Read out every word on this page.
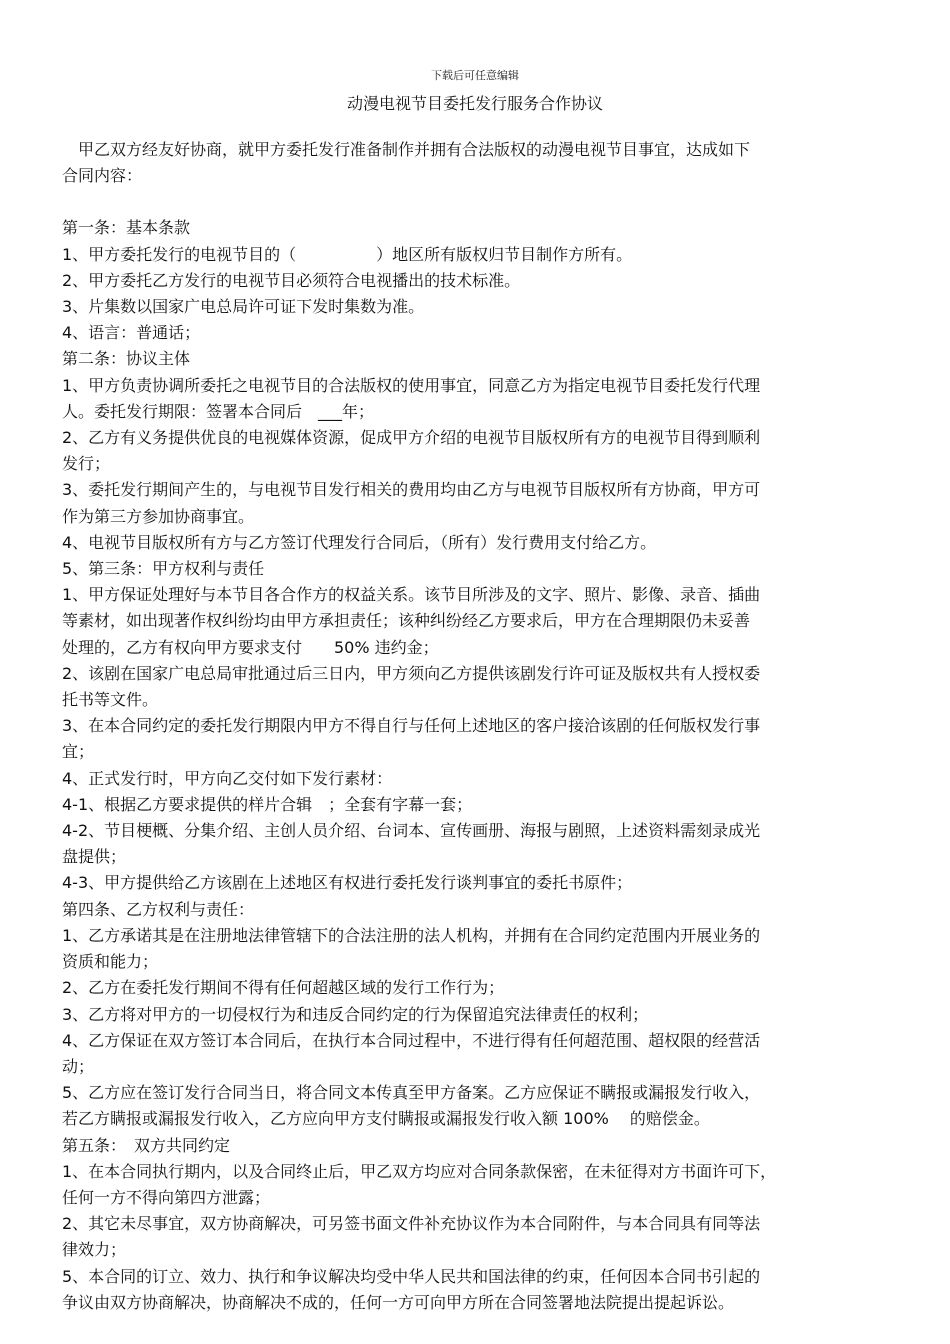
下载后可任意编辑
动漫电视节目委托发行服务合作协议

　甲乙双方经友好协商，就甲方委托发行准备制作并拥有合法版权的动漫电视节目事宜，达成如下

合同内容：

第一条：基本条款

1、甲方委托发行的电视节目的（　　　　　）地区所有版权归节目制作方所有。

2、甲方委托乙方发行的电视节目必须符合电视播出的技术标准。

3、片集数以国家广电总局许可证下发时集数为准。

4、语言：普通话；

第二条：协议主体

1、甲方负责协调所委托之电视节目的合法版权的使用事宜，同意乙方为指定电视节目委托发行代理

人。委托发行期限：签署本合同后　___年；

2、乙方有义务提供优良的电视媒体资源，促成甲方介绍的电视节目版权所有方的电视节目得到顺利

发行；

3、委托发行期间产生的，与电视节目发行相关的费用均由乙方与电视节目版权所有方协商，甲方可

作为第三方参加协商事宜。

4、电视节目版权所有方与乙方签订代理发行合同后，（所有）发行费用支付给乙方。

5、第三条：甲方权利与责任

1、甲方保证处理好与本节目各合作方的权益关系。该节目所涉及的文字、照片、影像、录音、插曲

等素材，如出现著作权纠纷均由甲方承担责任；该种纠纷经乙方要求后，甲方在合理期限仍未妥善

处理的，乙方有权向甲方要求支付　　50% 违约金；

2、该剧在国家广电总局审批通过后三日内，甲方须向乙方提供该剧发行许可证及版权共有人授权委

托书等文件。

3、在本合同约定的委托发行期限内甲方不得自行与任何上述地区的客户接洽该剧的任何版权发行事

宜；

4、正式发行时，甲方向乙交付如下发行素材：

4-1、根据乙方要求提供的样片合辑　；全套有字幕一套；

4-2、节目梗概、分集介绍、主创人员介绍、台词本、宣传画册、海报与剧照，上述资料需刻录成光

盘提供；

4-3、甲方提供给乙方该剧在上述地区有权进行委托发行谈判事宜的委托书原件；

第四条、乙方权利与责任：

1、乙方承诺其是在注册地法律管辖下的合法注册的法人机构，并拥有在合同约定范围内开展业务的

资质和能力；

2、乙方在委托发行期间不得有任何超越区域的发行工作行为；

3、乙方将对甲方的一切侵权行为和违反合同约定的行为保留追究法律责任的权利；

4、乙方保证在双方签订本合同后，在执行本合同过程中，不进行得有任何超范围、超权限的经营活

动；

5、乙方应在签订发行合同当日，将合同文本传真至甲方备案。乙方应保证不瞒报或漏报发行收入，

若乙方瞒报或漏报发行收入，乙方应向甲方支付瞒报或漏报发行收入额 100%　 的赔偿金。

第五条：　双方共同约定

1、在本合同执行期内，以及合同终止后，甲乙双方均应对合同条款保密，在未征得对方书面许可下，

任何一方不得向第四方泄露；

2、其它未尽事宜，双方协商解决，可另签书面文件补充协议作为本合同附件，与本合同具有同等法

律效力；

5、本合同的订立、效力、执行和争议解决均受中华人民共和国法律的约束，任何因本合同书引起的

争议由双方协商解决，协商解决不成的，任何一方可向甲方所在合同签署地法院提出提起诉讼。
